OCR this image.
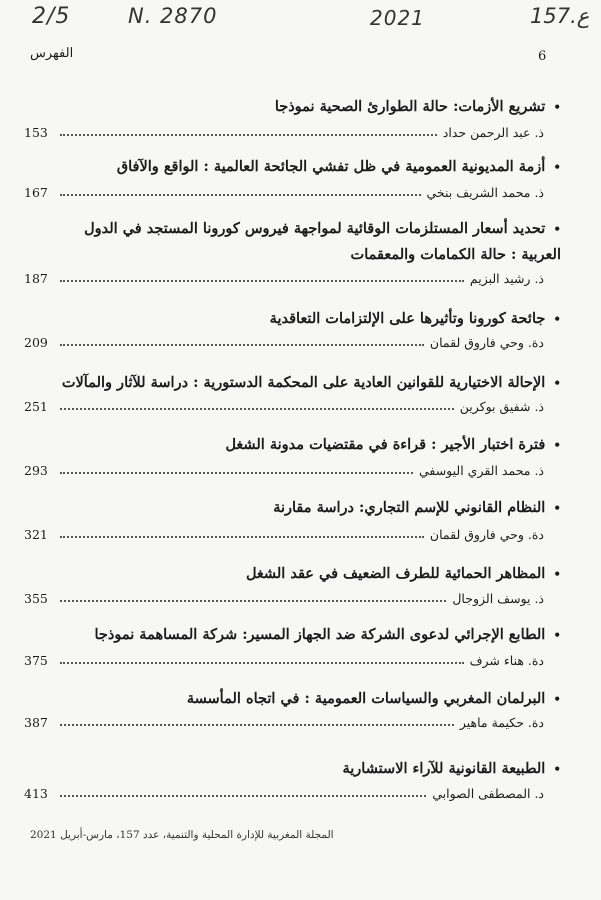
2/5	N. 2870	2021	157.ع
6
الفهرس
•تشريع الأزمات: حالة الطوارئ الصحية نموذجا
153	ذ. عبد الرحمن حداد
•أزمة المديونية العمومية في ظل تفشي الجائحة العالمية : الواقع والآفاق
167	ذ. محمد الشريف بنخي
•تحديد أسعار المستلزمات الوقائية لمواجهة فيروس كورونا المستجد في الدول العربية : حالة الكمامات والمعقمات
187	ذ. رشيد البزيم
•جائحة كورونا وتأثيرها على الإلتزامات التعاقدية
209	دة. وحي فاروق لقمان
•الإحالة الاختيارية للقوانين العادية على المحكمة الدستورية : دراسة للآثار والمآلات
251	ذ. شفيق بوكرين
•فترة اختبار الأجير : قراءة في مقتضيات مدونة الشغل
293	ذ. محمد القري اليوسفي
•النظام القانوني للإسم التجاري: دراسة مقارنة
321	دة. وحي فاروق لقمان
•المظاهر الحمائية للطرف الضعيف في عقد الشغل
355	ذ. يوسف الزوجال
•الطابع الإجرائي لدعوى الشركة ضد الجهاز المسير: شركة المساهمة نموذجا
375	دة. هناء شرف
•البرلمان المغربي والسياسات العمومية : في اتجاه المأسسة
387	دة. حكيمة ماهير
•الطبيعة القانونية للآراء الاستشارية
413	د. المصطفى الصوابي
المجلة المغربية للإدارة المحلية والتنمية، عدد 157، مارس-أبريل 2021
